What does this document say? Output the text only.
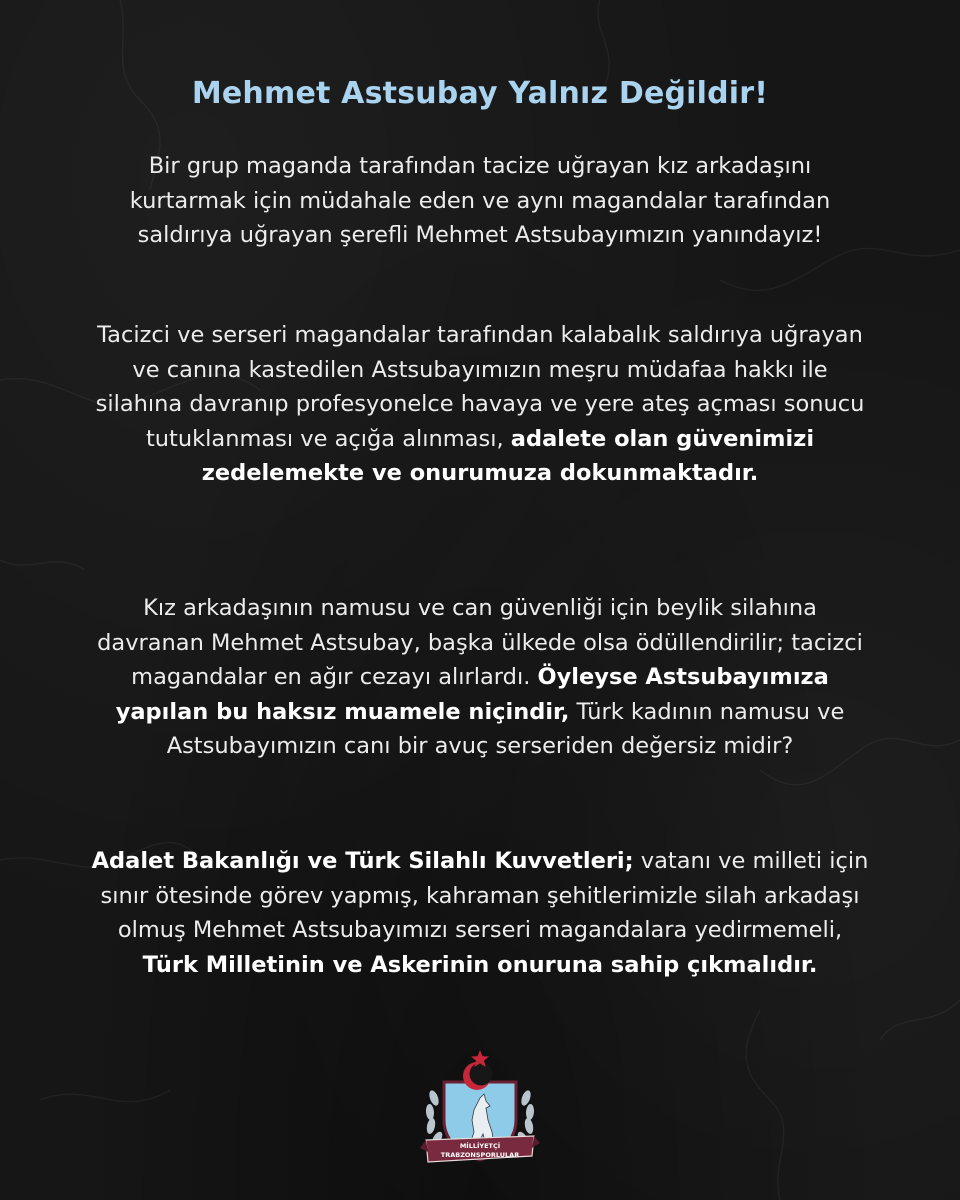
Mehmet Astsubay Yalnız Değildir!

Bir grup maganda tarafından tacize uğrayan kız arkadaşını kurtarmak için müdahale eden ve aynı magandalar tarafından saldırıya uğrayan şerefli Mehmet Astsubayımızın yanındayız!

Tacizci ve serseri magandalar tarafından kalabalık saldırıya uğrayan ve canına kastedilen Astsubayımızın meşru müdafaa hakkı ile silahına davranıp profesyonelce havaya ve yere ateş açması sonucu tutuklanması ve açığa alınması, adalete olan güvenimizi zedelemekte ve onurumuza dokunmaktadır.

Kız arkadaşının namusu ve can güvenliği için beylik silahına davranan Mehmet Astsubay, başka ülkede olsa ödüllendirilir; tacizci magandalar en ağır cezayı alırlardı. Öyleyse Astsubayımıza yapılan bu haksız muamele niçindir, Türk kadının namusu ve Astsubayımızın canı bir avuç serseriden değersiz midir?

Adalet Bakanlığı ve Türk Silahlı Kuvvetleri; vatanı ve milleti için sınır ötesinde görev yapmış, kahraman şehitlerimizle silah arkadaşı olmuş Mehmet Astsubayımızı serseri magandalara yedirmemeli, Türk Milletinin ve Askerinin onuruna sahip çıkmalıdır.

MİLLİYETÇİ
TRABZONSPORLULAR
